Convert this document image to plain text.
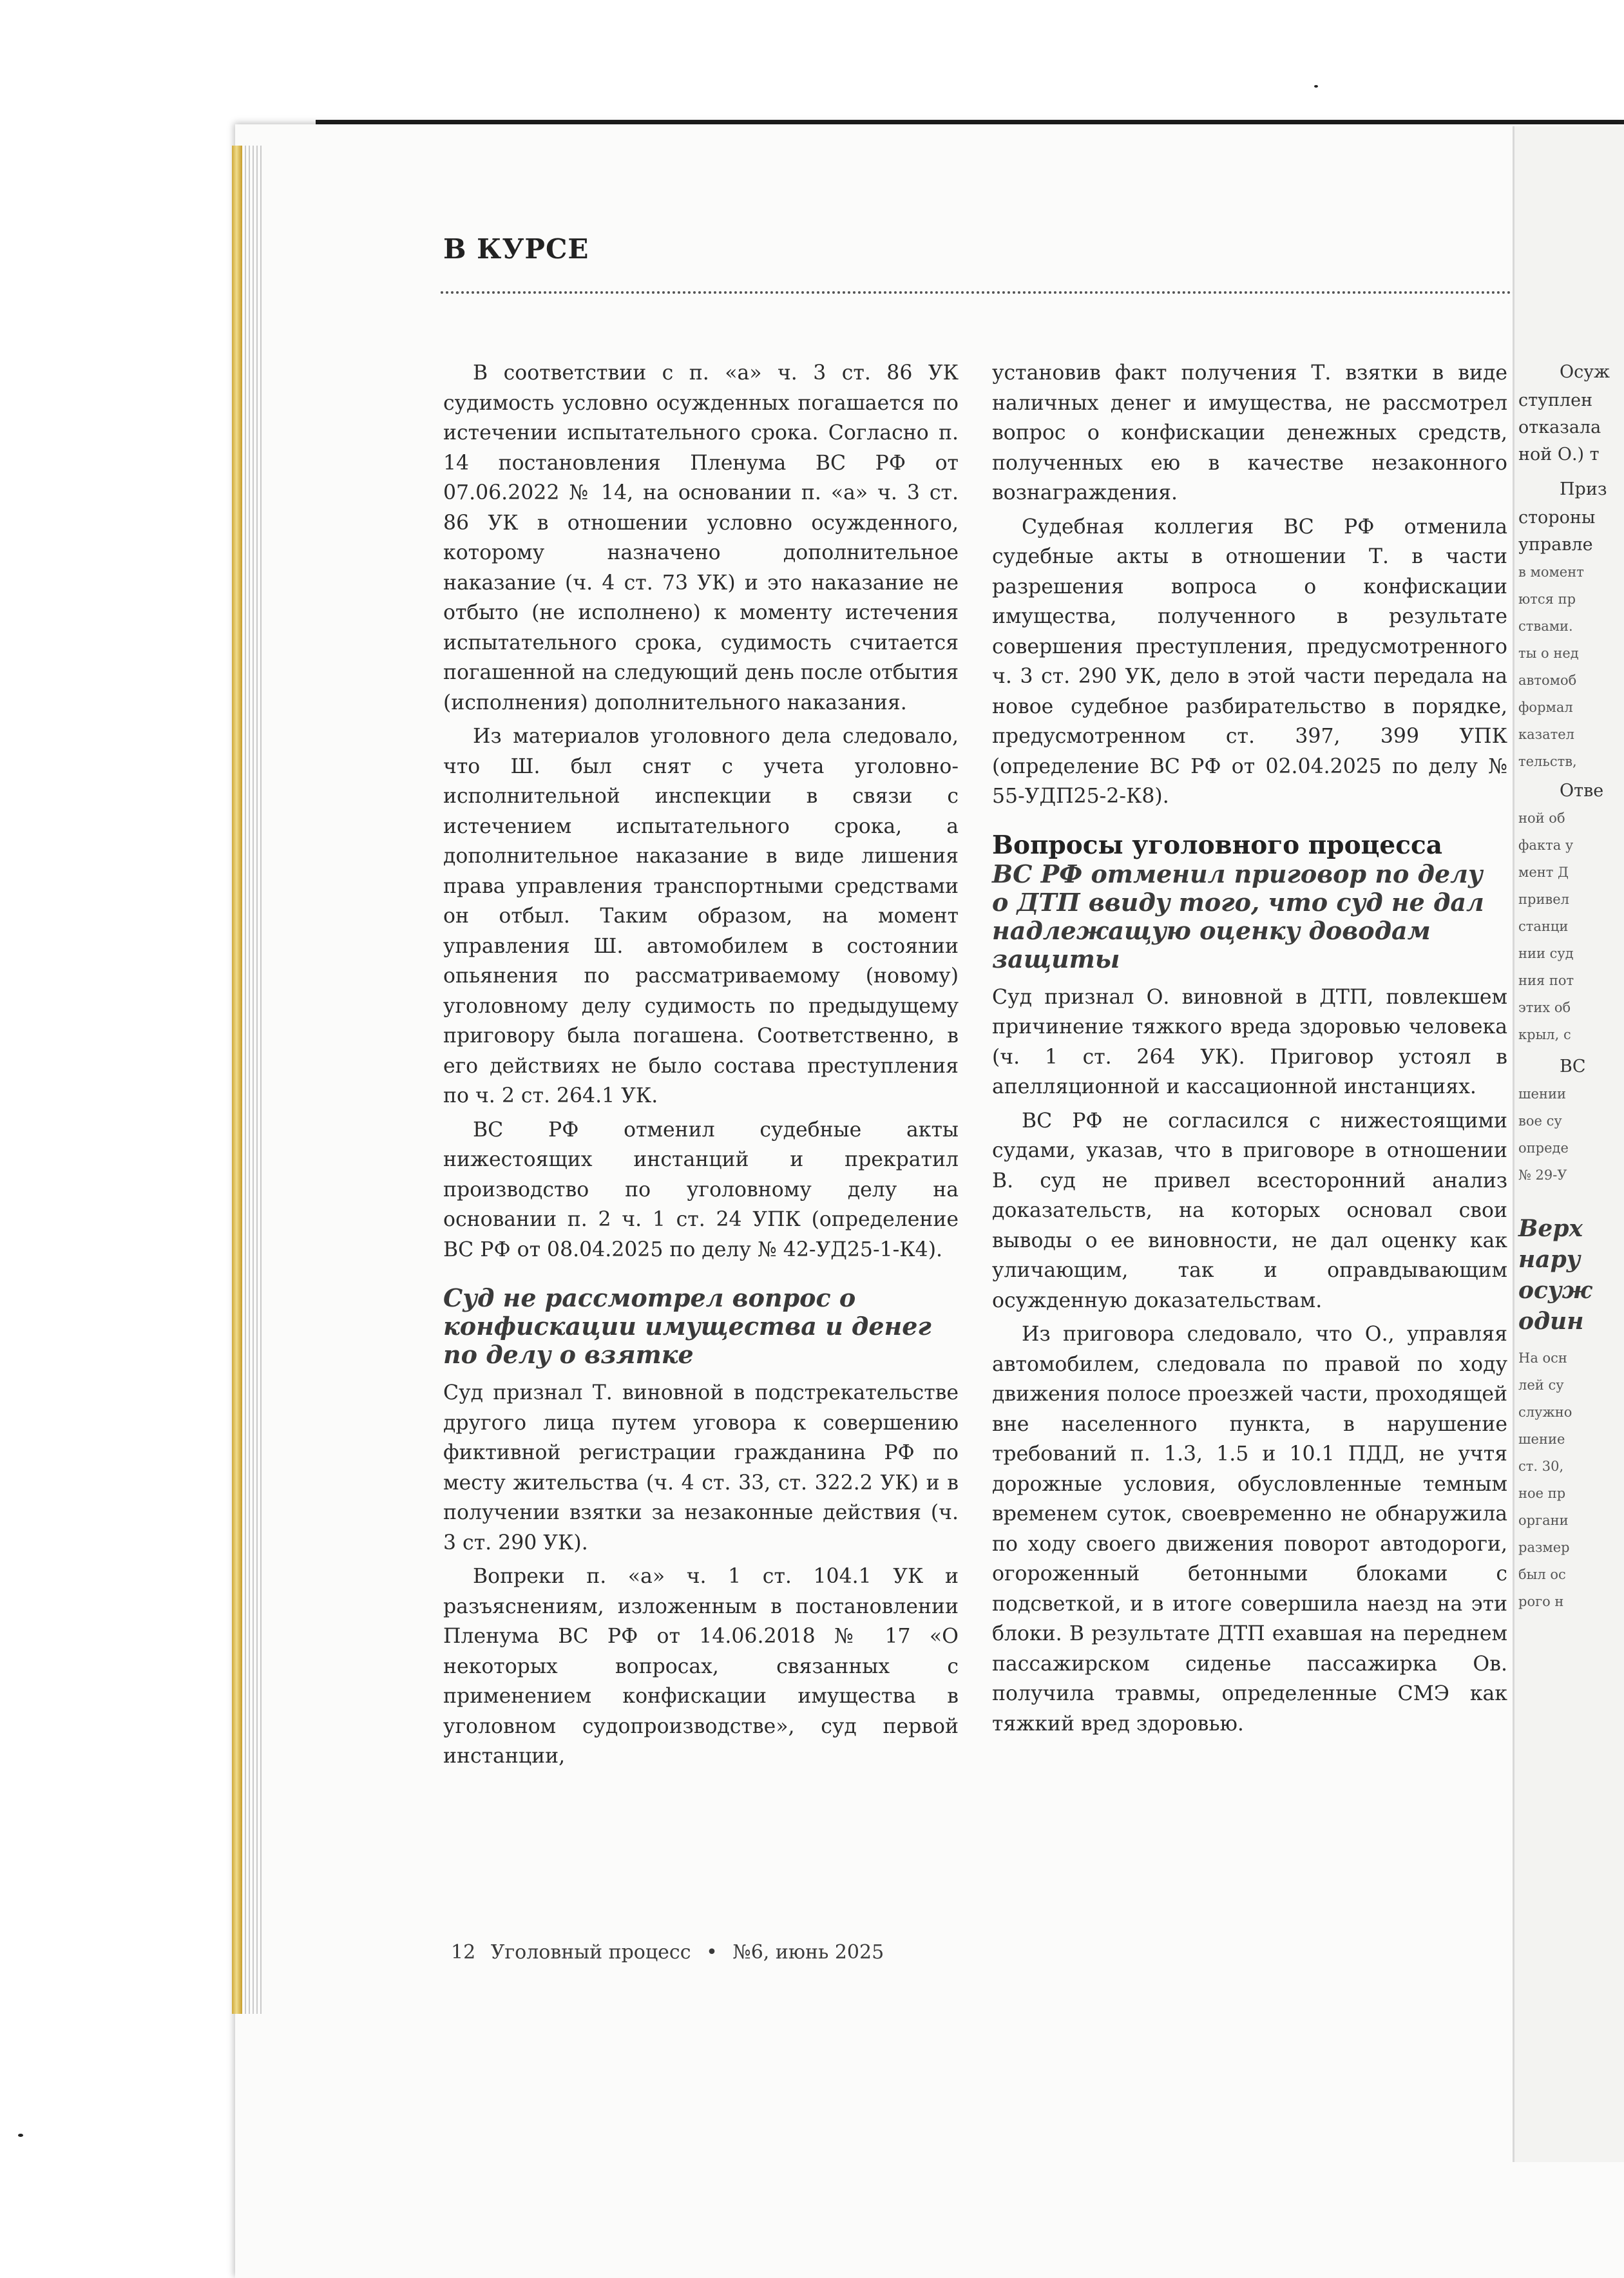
В КУРСЕ

В соответствии с п. «а» ч. 3 ст. 86 УК судимость условно осужденных погашается по истечении испытательного срока. Согласно п. 14 постановления Пленума ВС РФ от 07.06.2022 № 14, на основании п. «а» ч. 3 ст. 86 УК в отношении условно осужденного, которому назначено дополнительное наказание (ч. 4 ст. 73 УК) и это наказание не отбыто (не исполнено) к моменту истечения испытательного срока, судимость считается погашенной на следующий день после отбытия (исполнения) дополнительного наказания.

Из материалов уголовного дела следовало, что Ш. был снят с учета уголовно-исполнительной инспекции в связи с истечением испытательного срока, а дополнительное наказание в виде лишения права управления транспортными средствами он отбыл. Таким образом, на момент управления Ш. автомобилем в состоянии опьянения по рассматриваемому (новому) уголовному делу судимость по предыдущему приговору была погашена. Соответственно, в его действиях не было состава преступления по ч. 2 ст. 264.1 УК.

ВС РФ отменил судебные акты нижестоящих инстанций и прекратил производство по уголовному делу на основании п. 2 ч. 1 ст. 24 УПК (определение ВС РФ от 08.04.2025 по делу № 42-УД25-1-К4).

Суд не рассмотрел вопрос о конфискации имущества и денег по делу о взятке

Суд признал Т. виновной в подстрекательстве другого лица путем уговора к совершению фиктивной регистрации гражданина РФ по месту жительства (ч. 4 ст. 33, ст. 322.2 УК) и в получении взятки за незаконные действия (ч. 3 ст. 290 УК).

Вопреки п. «а» ч. 1 ст. 104.1 УК и разъяснениям, изложенным в постановлении Пленума ВС РФ от 14.06.2018 № 17 «О некоторых вопросах, связанных с применением конфискации имущества в уголовном судопроизводстве», суд первой инстанции,

установив факт получения Т. взятки в виде наличных денег и имущества, не рассмотрел вопрос о конфискации денежных средств, полученных ею в качестве незаконного вознаграждения.

Судебная коллегия ВС РФ отменила судебные акты в отношении Т. в части разрешения вопроса о конфискации имущества, полученного в результате совершения преступления, предусмотренного ч. 3 ст. 290 УК, дело в этой части передала на новое судебное разбирательство в порядке, предусмотренном ст. 397, 399 УПК (определение ВС РФ от 02.04.2025 по делу № 55-УДП25-2-К8).

Вопросы уголовного процесса
ВС РФ отменил приговор по делу о ДТП ввиду того, что суд не дал надлежащую оценку доводам защиты

Суд признал О. виновной в ДТП, повлекшем причинение тяжкого вреда здоровью человека (ч. 1 ст. 264 УК). Приговор устоял в апелляционной и кассационной инстанциях.

ВС РФ не согласился с нижестоящими судами, указав, что в приговоре в отношении В. суд не привел всесторонний анализ доказательств, на которых основал свои выводы о ее виновности, не дал оценку как уличающим, так и оправдывающим осужденную доказательствам.

Из приговора следовало, что О., управляя автомобилем, следовала по правой по ходу движения полосе проезжей части, проходящей вне населенного пункта, в нарушение требований п. 1.3, 1.5 и 10.1 ПДД, не учтя дорожные условия, обусловленные темным временем суток, своевременно не обнаружила по ходу своего движения поворот автодороги, огороженный бетонными блоками с подсветкой, и в итоге совершила наезд на эти блоки. В результате ДТП ехавшая на переднем пассажирском сиденье пассажирка Ов. получила травмы, определенные СМЭ как тяжкий вред здоровью.

12 Уголовный процесс • №6, июнь 2025
Осуж
ступлен
отказала
ной О.) т
Приз
стороны
управле
в момент
ются пр
ствами.
ты о нед
автомоб
формал
казател
тельств,
Отве
ной об
факта у
мент Д
привел
станци
нии суд
ния пот
этих об
крыл, с
ВС
шении
вое су
опреде
№ 29-У
Верх
нару
осуж
один
На осн
лей су
служно
шение
ст. 30,
ное пр
органи
размер
был ос
рого н
